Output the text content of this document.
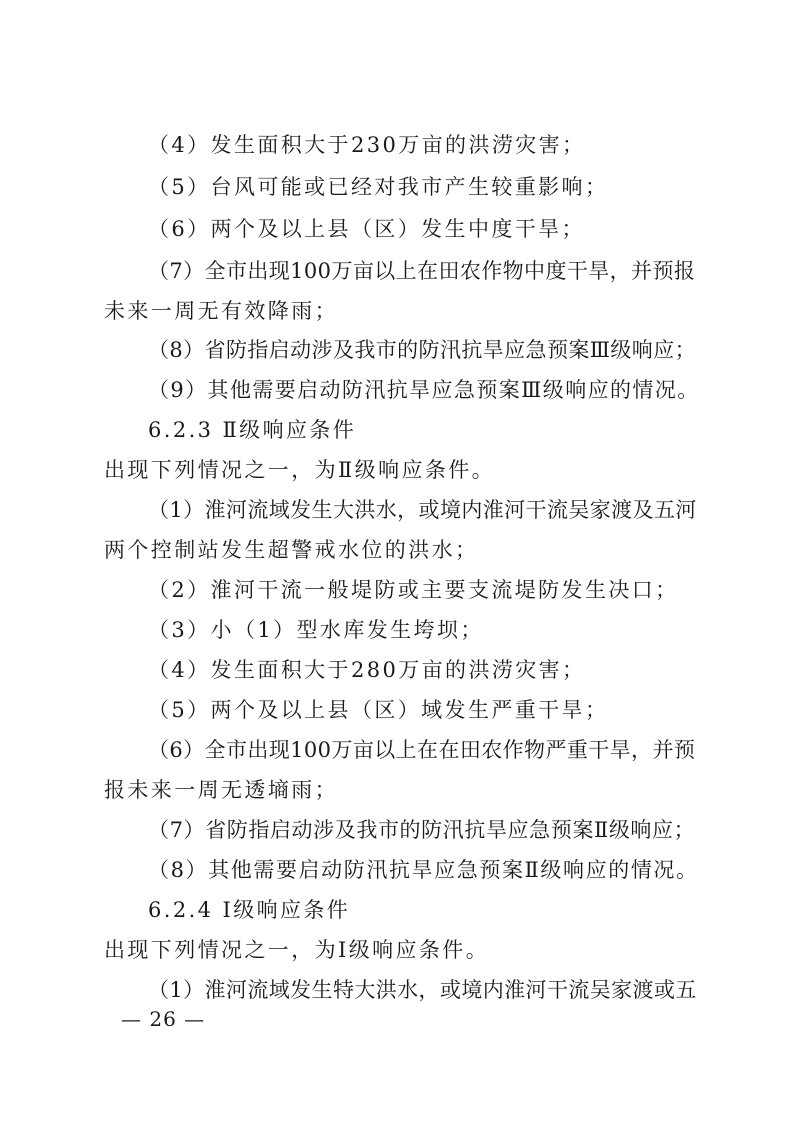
（4）发生面积大于230万亩的洪涝灾害；
（5）台风可能或已经对我市产生较重影响；
（6）两个及以上县（区）发生中度干旱；
（7）全市出现100万亩以上在田农作物中度干旱，并预报
未来一周无有效降雨；
（8）省防指启动涉及我市的防汛抗旱应急预案Ⅲ级响应；
（9）其他需要启动防汛抗旱应急预案Ⅲ级响应的情况。
6.2.3 Ⅱ级响应条件
出现下列情况之一，为Ⅱ级响应条件。
（1）淮河流域发生大洪水，或境内淮河干流吴家渡及五河
两个控制站发生超警戒水位的洪水；
（2）淮河干流一般堤防或主要支流堤防发生决口；
（3）小（1）型水库发生垮坝；
（4）发生面积大于280万亩的洪涝灾害；
（5）两个及以上县（区）域发生严重干旱；
（6）全市出现100万亩以上在在田农作物严重干旱，并预
报未来一周无透墒雨；
（7）省防指启动涉及我市的防汛抗旱应急预案Ⅱ级响应；
（8）其他需要启动防汛抗旱应急预案Ⅱ级响应的情况。
6.2.4 Ⅰ级响应条件
出现下列情况之一，为Ⅰ级响应条件。
（1）淮河流域发生特大洪水，或境内淮河干流吴家渡或五
— 26 —
